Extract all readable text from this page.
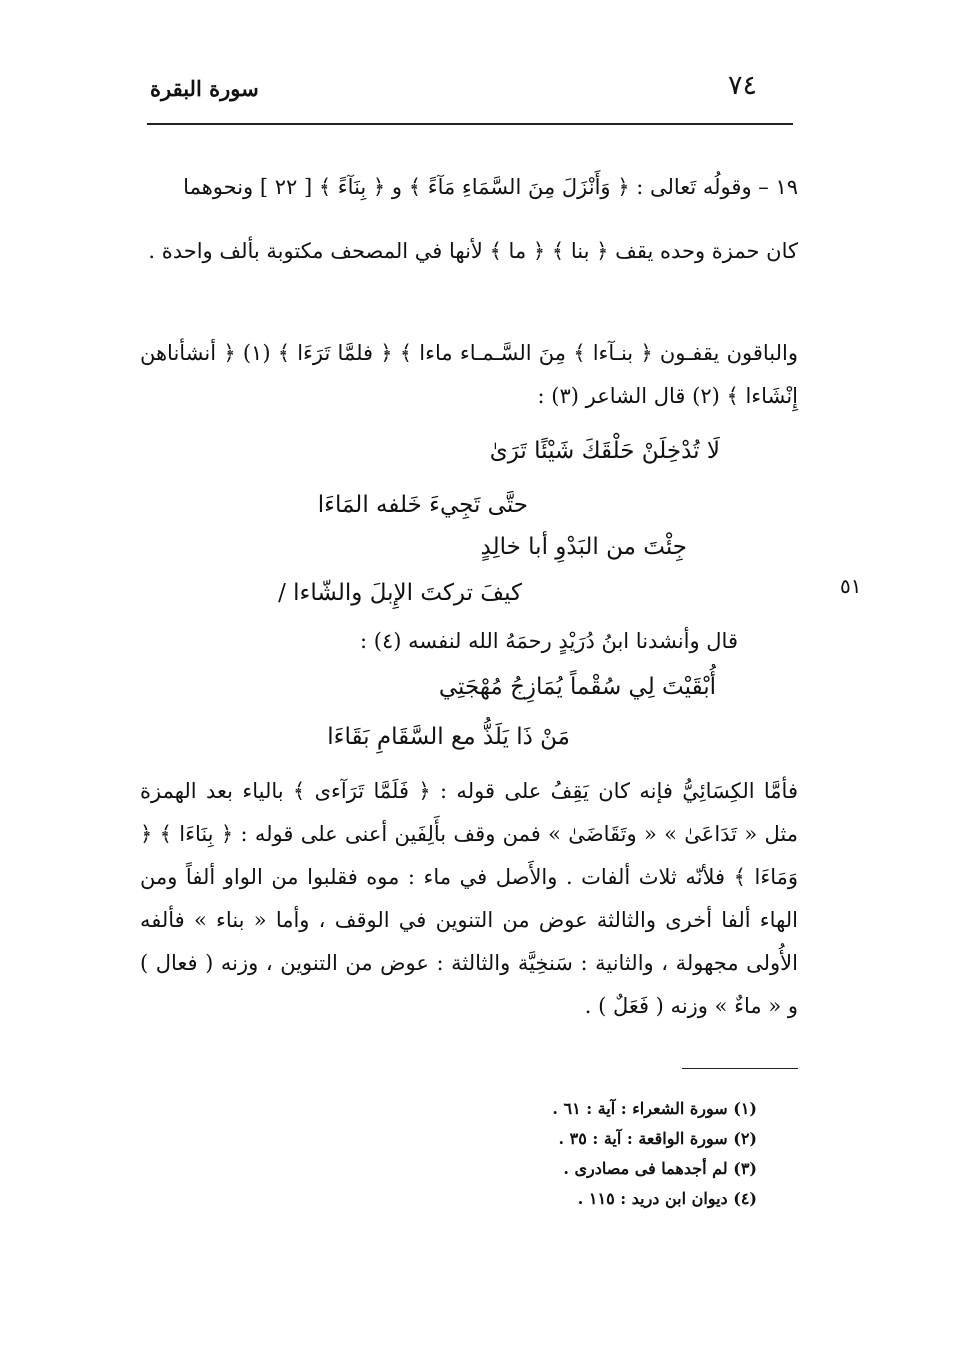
٧٤
سورة البقرة
١٩ – وقولُه تَعالى : ﴿ وَأَنْزَلَ مِنَ السَّمَاءِ مَآءً ﴾ و ﴿ بِنَآءً ﴾ [ ٢٢ ] ونحوهما
كان حمزة وحده يقف ﴿ بنا ﴾ ﴿ ما ﴾ لأنها في المصحف مكتوبة بألف واحدة .
والباقون يقفـون ﴿ بنـآءا ﴾ مِنَ السَّـمـاء ماءا ﴾ ﴿ فلمَّا تَرَءَا ﴾ (١) ﴿ أنشأناهن إِنْشَاءا ﴾ (٢) قال الشاعر (٣) :
لَا تُدْخِلَنْ حَلْقَكَ شَيْئًا تَرَىٰ
حتَّى تَجِيءَ خَلفه المَاءَا
جِئْتَ من البَدْوِ أبا خالِدٍ
كيفَ تركتَ الإِبلَ والشّاءا /	٥١
قال وأنشدنا ابنُ دُرَيْدٍ رحمَهُ الله لنفسه (٤) :
أُبْقَيْتَ لِي سُقْماً يُمَازِجُ مُهْجَتِي
مَنْ ذَا يَلَذُّ مع السَّقَامِ بَقَاءَا
فأمَّا الكِسَائِيُّ فإنه كان يَقِفُ على قوله : ﴿ فَلَمَّا تَرَآءى ﴾ بالياء بعد الهمزة مثل « تَدَاعَىٰ » « وتَقَاضَىٰ » فمن وقف بأَلِفَين أعنى على قوله : ﴿ بِنَاءَا ﴾ ﴿ وَمَاءَا ﴾ فلأنّه ثلاث ألفات . والأَصل في ماء : موه فقلبوا من الواو ألفاً ومن الهاء ألفا أخرى والثالثة عوض من التنوين في الوقف ، وأما « بناء » فألفه الأُولى مجهولة ، والثانية : سَنخِيَّة والثالثة : عوض من التنوين ، وزنه ( فعال ) و « ماءٌ » وزنه ( فَعَلٌ ) .
(١) سورة الشعراء : آية : ٦١ .
(٢) سورة الواقعة : آية : ٣٥ .
(٣) لم أجدهما فى مصادرى .
(٤) ديوان ابن دريد : ١١٥ .
